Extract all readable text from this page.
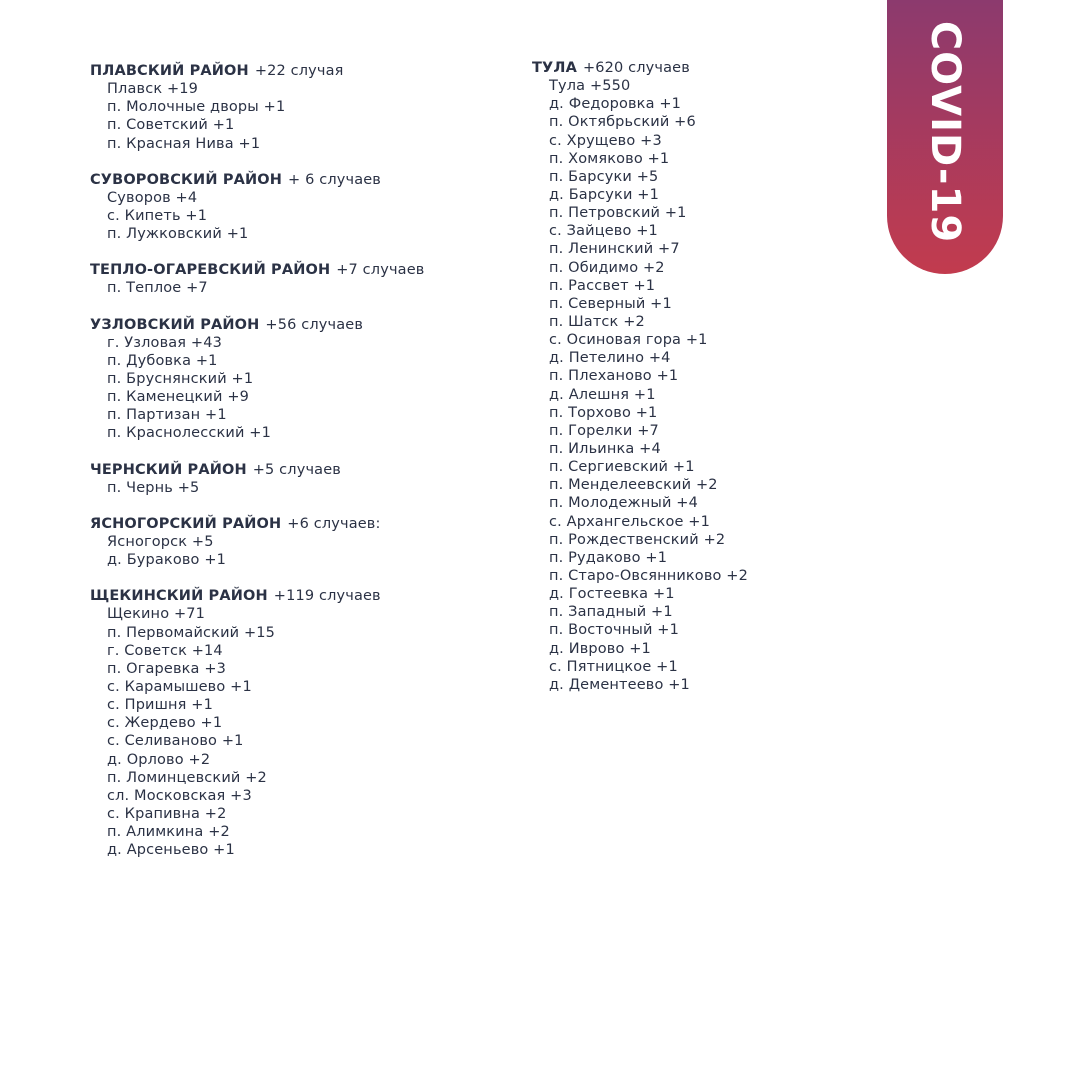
COVID-19
ПЛАВСКИЙ РАЙОН +22 случая
Плавск +19
п. Молочные дворы +1
п. Советский +1
п. Красная Нива +1
СУВОРОВСКИЙ РАЙОН + 6 случаев
Суворов +4
с. Кипеть +1
п. Лужковский +1
ТЕПЛО-ОГАРЕВСКИЙ РАЙОН +7 случаев
п. Теплое +7
УЗЛОВСКИЙ РАЙОН +56 случаев
г. Узловая +43
п. Дубовка +1
п. Бруснянский +1
п. Каменецкий +9
п. Партизан +1
п. Краснолесский +1
ЧЕРНСКИЙ РАЙОН +5 случаев
п. Чернь +5
ЯСНОГОРСКИЙ РАЙОН +6 случаев:
Ясногорск +5
д. Бураково +1
ЩЕКИНСКИЙ РАЙОН +119 случаев
Щекино +71
п. Первомайский +15
г. Советск +14
п. Огаревка +3
с. Карамышево +1
с. Пришня +1
с. Жердево +1
с. Селиваново +1
д. Орлово +2
п. Ломинцевский +2
сл. Московская +3
с. Крапивна +2
п. Алимкина +2
д. Арсеньево +1
ТУЛА +620 случаев
Тула +550
д. Федоровка +1
п. Октябрьский +6
с. Хрущево +3
п. Хомяково +1
п. Барсуки +5
д. Барсуки +1
п. Петровский +1
с. Зайцево +1
п. Ленинский +7
п. Обидимо +2
п. Рассвет +1
п. Северный +1
п. Шатск +2
с. Осиновая гора +1
д. Петелино +4
п. Плеханово +1
д. Алешня +1
п. Торхово +1
п. Горелки +7
п. Ильинка +4
п. Сергиевский +1
п. Менделеевский +2
п. Молодежный +4
с. Архангельское +1
п. Рождественский +2
п. Рудаково +1
п. Старо-Овсянниково +2
д. Гостеевка +1
п. Западный +1
п. Восточный +1
д. Иврово +1
с. Пятницкое +1
д. Дементеево +1
